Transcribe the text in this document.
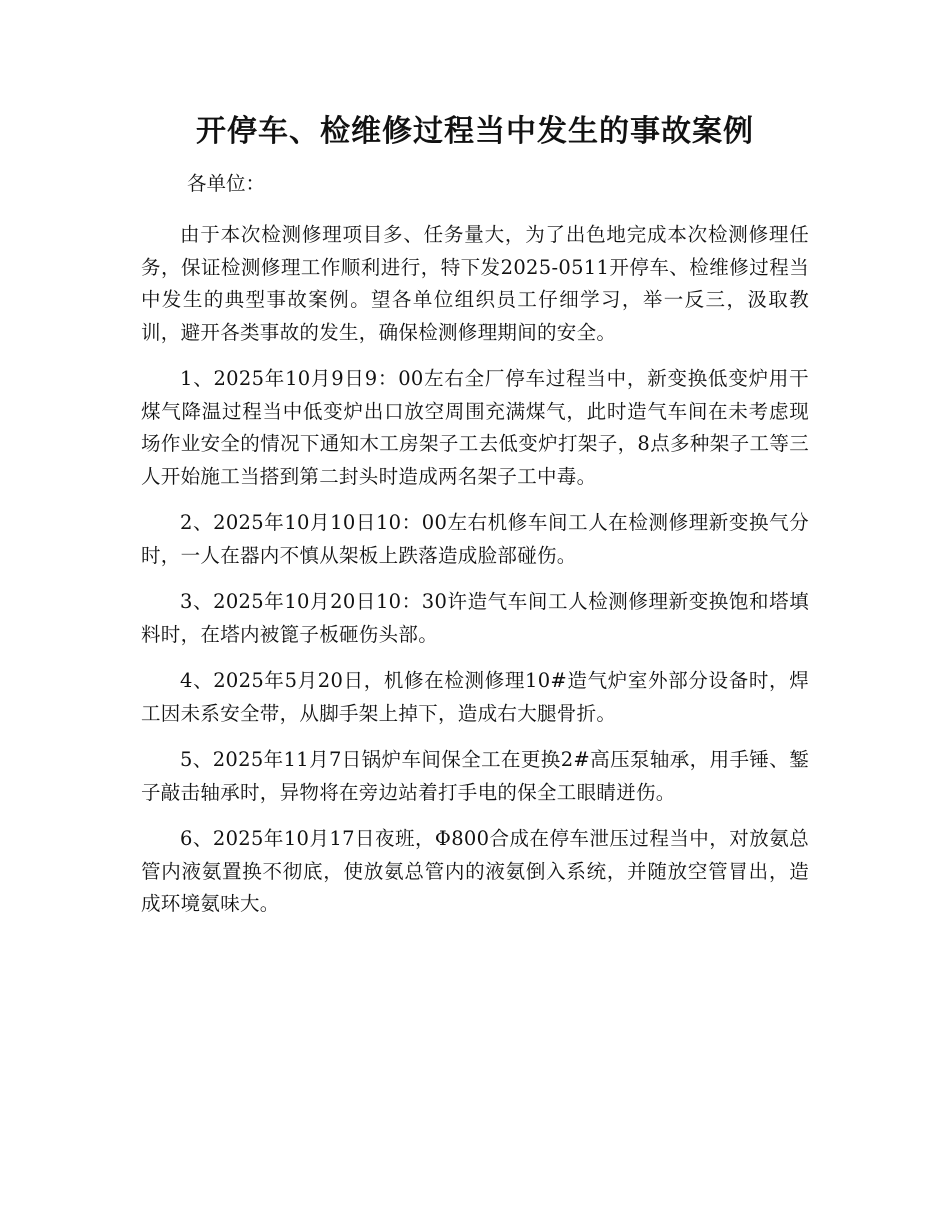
开停车、检维修过程当中发生的事故案例

各单位：

由于本次检测修理项目多、任务量大，为了出色地完成本次检测修理任务，保证检测修理工作顺利进行，特下发2025-0511开停车、检维修过程当中发生的典型事故案例。望各单位组织员工仔细学习，举一反三，汲取教训，避开各类事故的发生，确保检测修理期间的安全。

1、2025年10月9日9：00左右全厂停车过程当中，新变换低变炉用干煤气降温过程当中低变炉出口放空周围充满煤气，此时造气车间在未考虑现场作业安全的情况下通知木工房架子工去低变炉打架子，8点多种架子工等三人开始施工当搭到第二封头时造成两名架子工中毒。

2、2025年10月10日10：00左右机修车间工人在检测修理新变换气分时，一人在器内不慎从架板上跌落造成脸部碰伤。

3、2025年10月20日10：30许造气车间工人检测修理新变换饱和塔填料时，在塔内被篦子板砸伤头部。

4、2025年5月20日，机修在检测修理10#造气炉室外部分设备时，焊工因未系安全带，从脚手架上掉下，造成右大腿骨折。

5、2025年11月7日锅炉车间保全工在更换2#高压泵轴承，用手锤、錾子敲击轴承时，异物将在旁边站着打手电的保全工眼睛迸伤。

6、2025年10月17日夜班，Φ800合成在停车泄压过程当中，对放氨总管内液氨置换不彻底，使放氨总管内的液氨倒入系统，并随放空管冒出，造成环境氨味大。
